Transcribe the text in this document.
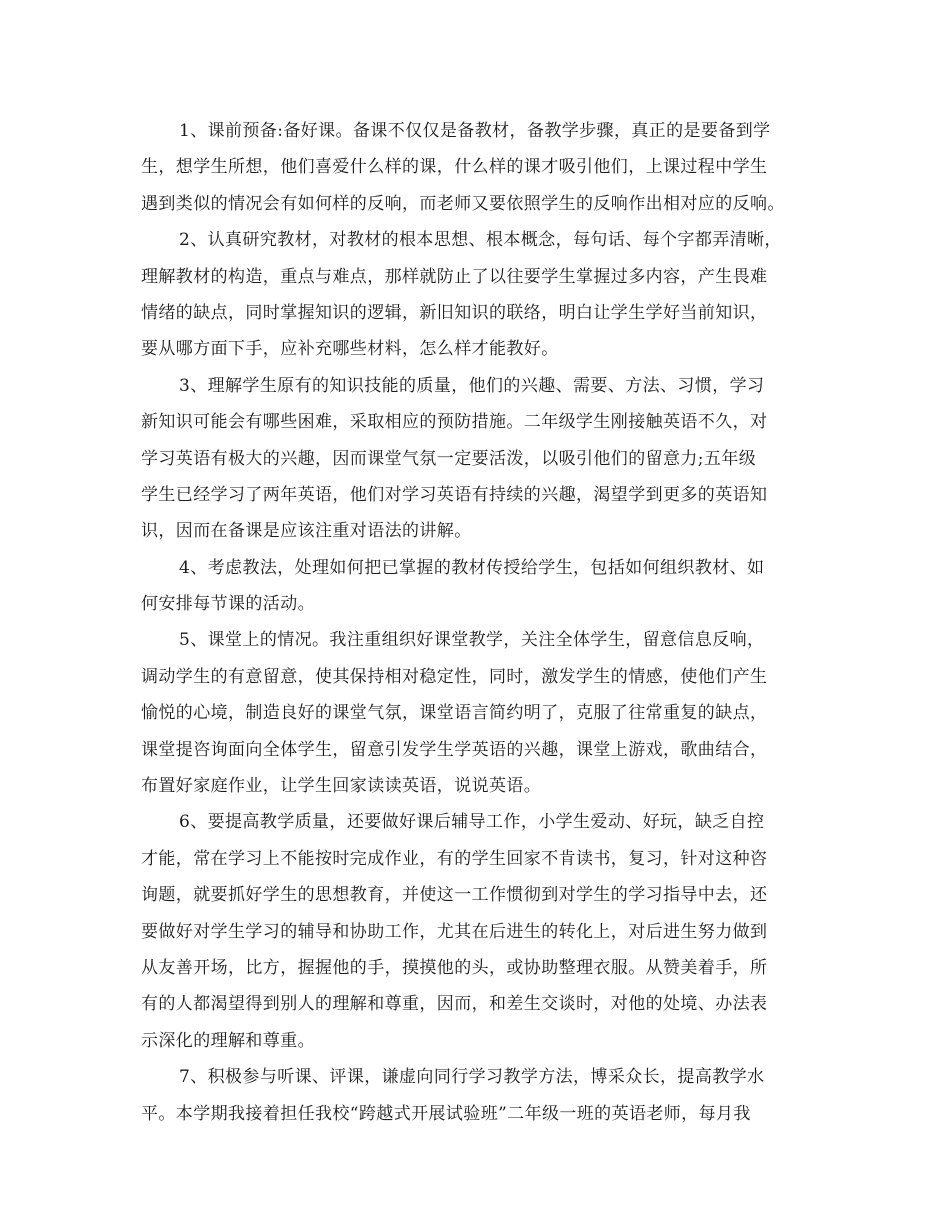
1、课前预备:备好课。备课不仅仅是备教材，备教学步骤，真正的是要备到学
生，想学生所想，他们喜爱什么样的课，什么样的课才吸引他们，上课过程中学生
遇到类似的情况会有如何样的反响，而老师又要依照学生的反响作出相对应的反响。
2、认真研究教材，对教材的根本思想、根本概念，每句话、每个字都弄清晰，
理解教材的构造，重点与难点，那样就防止了以往要学生掌握过多内容，产生畏难
情绪的缺点，同时掌握知识的逻辑，新旧知识的联络，明白让学生学好当前知识，
要从哪方面下手，应补充哪些材料，怎么样才能教好。
3、理解学生原有的知识技能的质量，他们的兴趣、需要、方法、习惯，学习
新知识可能会有哪些困难，采取相应的预防措施。二年级学生刚接触英语不久，对
学习英语有极大的兴趣，因而课堂气氛一定要活泼，以吸引他们的留意力;五年级
学生已经学习了两年英语，他们对学习英语有持续的兴趣，渴望学到更多的英语知
识，因而在备课是应该注重对语法的讲解。
4、考虑教法，处理如何把已掌握的教材传授给学生，包括如何组织教材、如
何安排每节课的活动。
5、课堂上的情况。我注重组织好课堂教学，关注全体学生，留意信息反响，
调动学生的有意留意，使其保持相对稳定性，同时，激发学生的情感，使他们产生
愉悦的心境，制造良好的课堂气氛，课堂语言简约明了，克服了往常重复的缺点，
课堂提咨询面向全体学生，留意引发学生学英语的兴趣，课堂上游戏，歌曲结合，
布置好家庭作业，让学生回家读读英语，说说英语。
6、要提高教学质量，还要做好课后辅导工作，小学生爱动、好玩，缺乏自控
才能，常在学习上不能按时完成作业，有的学生回家不肯读书，复习，针对这种咨
询题，就要抓好学生的思想教育，并使这一工作惯彻到对学生的学习指导中去，还
要做好对学生学习的辅导和协助工作，尤其在后进生的转化上，对后进生努力做到
从友善开场，比方，握握他的手，摸摸他的头，或协助整理衣服。从赞美着手，所
有的人都渴望得到别人的理解和尊重，因而，和差生交谈时，对他的处境、办法表
示深化的理解和尊重。
7、积极参与听课、评课，谦虚向同行学习教学方法，博采众长，提高教学水
平。本学期我接着担任我校“跨越式开展试验班”二年级一班的英语老师，每月我
